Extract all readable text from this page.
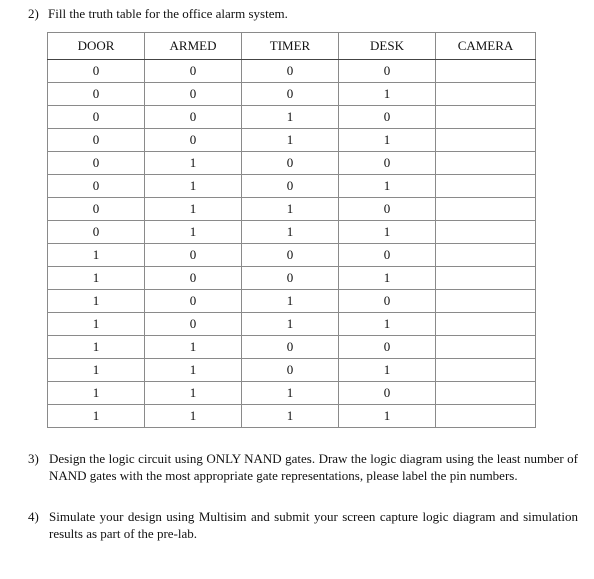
2) Fill the truth table for the office alarm system.
DOOR	ARMED	TIMER	DESK	CAMERA
0	0	0	0	
0	0	0	1	
0	0	1	0	
0	0	1	1	
0	1	0	0	
0	1	0	1	
0	1	1	0	
0	1	1	1	
1	0	0	0	
1	0	0	1	
1	0	1	0	
1	0	1	1	
1	1	0	0	
1	1	0	1	
1	1	1	0	
1	1	1	1	
3) Design the logic circuit using ONLY NAND gates. Draw the logic diagram using the least number of NAND gates with the most appropriate gate representations, please label the pin numbers.
4) Simulate your design using Multisim and submit your screen capture logic diagram and simulation results as part of the pre-lab.
